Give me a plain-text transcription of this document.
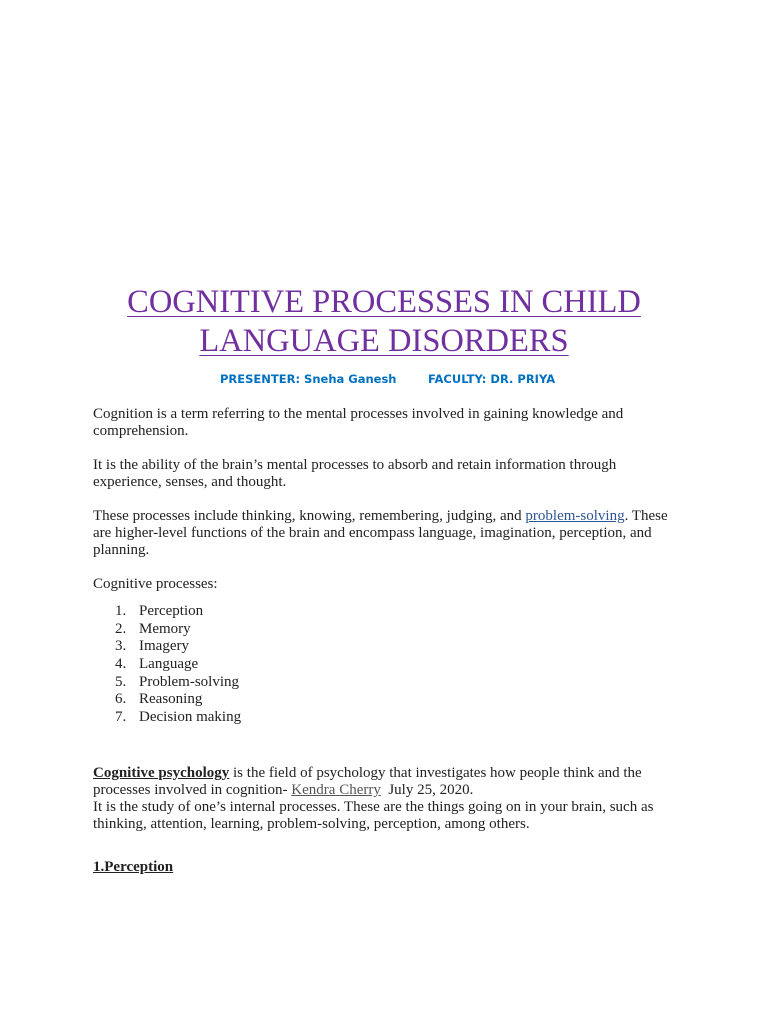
COGNITIVE PROCESSES IN CHILD
LANGUAGE DISORDERS
PRESENTER: Sneha Ganesh	FACULTY: DR. PRIYA

Cognition is a term referring to the mental processes involved in gaining knowledge and comprehension.

It is the ability of the brain’s mental processes to absorb and retain information through experience, senses, and thought.

These processes include thinking, knowing, remembering, judging, and problem-solving. These are higher-level functions of the brain and encompass language, imagination, perception, and planning.

Cognitive processes:

1. Perception
2. Memory
3. Imagery
4. Language
5. Problem-solving
6. Reasoning
7. Decision making

Cognitive psychology is the field of psychology that investigates how people think and the processes involved in cognition- Kendra Cherry  July 25, 2020.
It is the study of one’s internal processes. These are the things going on in your brain, such as thinking, attention, learning, problem-solving, perception, among others.

1.Perception
